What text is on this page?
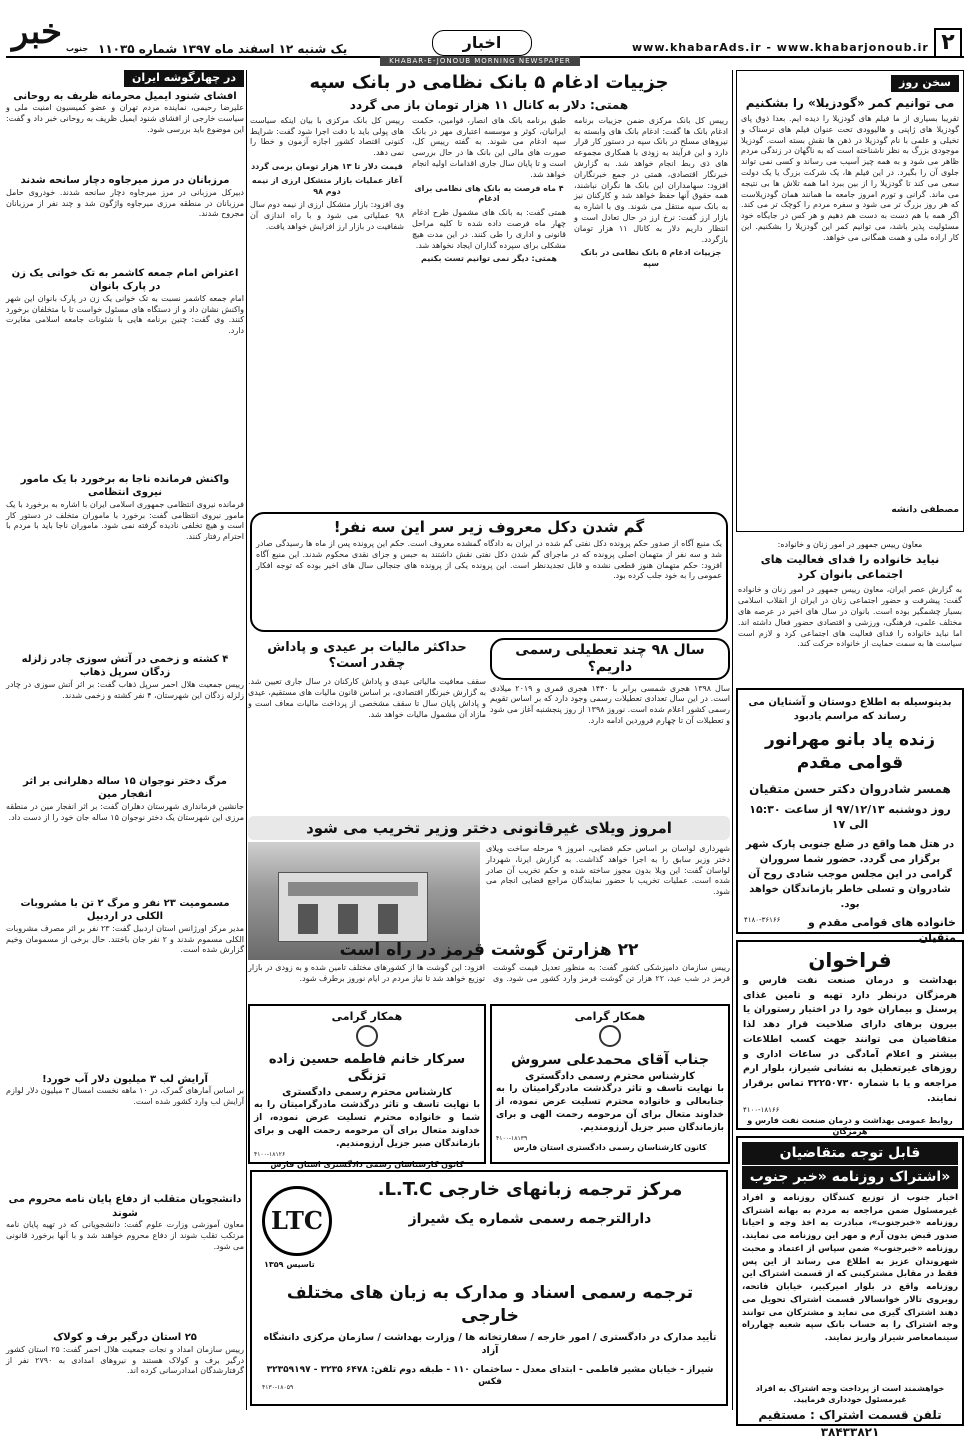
خبر جنوب یک شنبه ۱۲ اسفند ماه ۱۳۹۷ شماره ۱۱۰۳۵	اخبار	www.khabarAds.ir - www.khabarjonoub.ir ۲
KHABAR-E-JONOUB MORNING NEWSPAPER
سخن روز
می توانیم کمر «گودزیلا» را بشکنیم
تقریبا بسیاری از ما فیلم های گودزیلا را دیده ایم. بعدا ذوق پای گودزیلا های ژاپنی و هالیوودی تحت عنوان فیلم های ترسناک و تخیلی و علمی با نام گودزیلا در ذهن ها نقش بسته است. گودزیلا موجودی بزرگ به نظر ناشناخته است که به ناگهان در زندگی مردم ظاهر می شود و به همه چیز آسیب می رساند و کسی نمی تواند جلوی آن را بگیرد. در این فیلم ها، یک شرکت بزرگ یا یک دولت سعی می کند تا گودزیلا را از بین ببرد اما همه تلاش ها بی نتیجه می ماند. گرانی و تورم امروز جامعه ما همانند همان گودزیلاست که هر روز بزرگ تر می شود و سفره مردم را کوچک تر می کند. اگر همه با هم دست به دست هم دهیم و هر کس در جایگاه خود مسئولیت پذیر باشد، می توانیم کمر این گودزیلا را بشکنیم. این کار اراده ملی و همت همگانی می خواهد.
مصطفی دانشه
معاون رییس جمهور در امور زنان و خانواده:
نیاید خانواده را فدای فعالیت های اجتماعی بانوان کرد
به گزارش عصر ایران، معاون رییس جمهور در امور زنان و خانواده گفت: پیشرفت و حضور اجتماعی زنان در ایران از انقلاب اسلامی بسیار چشمگیر بوده است. بانوان در سال های اخیر در عرصه های مختلف علمی، فرهنگی، ورزشی و اقتصادی حضور فعال داشته اند. اما نباید خانواده را فدای فعالیت های اجتماعی کرد و لازم است سیاست ها به سمت حمایت از خانواده حرکت کند.
بدینوسیله به اطلاع دوستان و آشنایان می رساند که مراسم یادبود
زنده یاد بانو مهرانور قوامی مقدم
همسر شادروان دکتر حسن متقیان
روز دوشنبه ۹۷/۱۲/۱۳ از ساعت ۱۵:۳۰ الی ۱۷
در هتل هما واقع در ضلع جنوبی پارک شهر برگزار می گردد. حضور شما سروران گرامی در این مجلس موجب شادی روح آن شادروان و تسلی خاطر بازماندگان خواهد بود.
خانواده های قوامی مقدم و متقیان
۴۱۸۰-۳۶۱۶۶
فراخوان
بهداشت و درمان صنعت نفت فارس و هرمزگان درنظر دارد تهیه و تامین غذای پرسنل و بیماران خود را در اختیار رستوران یا بیرون برهای دارای صلاحیت قرار دهد لذا متقاضیان می توانند جهت کسب اطلاعات بیشتر و اعلام آمادگی در ساعات اداری و روزهای غیرتعطیل به نشانی شیراز، بلوار ارم مراجعه و یا با شماره ۳۲۲۵۰۷۳۰ تماس برقرار نمایند.
۴۱۰۰-۱۸۱۶۶
روابط عمومی بهداشت و درمان صنعت نفت فارس و هرمزگان
قابل توجه متقاضیان
اشتراک روزنامه «خبر جنوب»
اخبار جنوب از توزیع کنندگان روزنامه و افراد غیرمسئول ضمن مراجعه به مردم به بهانه اشتراک روزنامه «خبرجنوب»، مبادرت به اخذ وجه و احیانا صدور قبض بدون آرم و مهر این روزنامه می نمایند. روزنامه «خبرجنوب» ضمن سپاس از اعتماد و محبت شهروندان عزیز به اطلاع می رساند از این پس فقط در مقابل مشترکینی که از قسمت اشتراک این روزنامه واقع در بلوار امیرکبیر، خیابان فاتحه، روبروی تالار خوانسالار قسمت اشتراک تحویل می دهند اشتراک گیری می نماید و مشترکان می توانند وجه اشتراک را به حساب بانک سپه شعبه چهارراه سینمامعاصر شیراز واریز نمایند.
خواهشمند است از پرداخت وجه اشتراک به افراد غیرمسئول خودداری فرمایید.
تلفن قسمت اشتراک : مستقیم ۳۸۴۳۳۸۲۱
جزییات ادغام ۵ بانک نظامی در بانک سپه
همتی: دلار به کانال ۱۱ هزار تومان باز می گردد

رییس کل بانک مرکزی ضمن جزییات برنامه ادغام بانک ها گفت: ادغام بانک های وابسته به نیروهای مسلح در بانک سپه در دستور کار قرار دارد و این فرآیند به زودی با همکاری مجموعه های ذی ربط انجام خواهد شد. به گزارش خبرنگار اقتصادی، همتی در جمع خبرنگاران افزود: سهامداران این بانک ها نگران نباشند، همه حقوق آنها حفظ خواهد شد و کارکنان نیز به بانک سپه منتقل می شوند. وی با اشاره به بازار ارز گفت: نرخ ارز در حال تعادل است و انتظار داریم دلار به کانال ۱۱ هزار تومان بازگردد.

جزییات ادغام ۵ بانک نظامی در بانک سپه

طبق برنامه بانک های انصار، قوامین، حکمت ایرانیان، کوثر و موسسه اعتباری مهر در بانک سپه ادغام می شوند. به گفته رییس کل، صورت های مالی این بانک ها در حال بررسی است و تا پایان سال جاری اقدامات اولیه انجام خواهد شد.

۴ ماه فرصت به بانک های نظامی برای ادغام

همتی گفت: به بانک های مشمول طرح ادغام چهار ماه فرصت داده شده تا کلیه مراحل قانونی و اداری را طی کنند. در این مدت هیچ مشکلی برای سپرده گذاران ایجاد نخواهد شد.

همتی: دیگر نمی توانیم تست بکنیم

رییس کل بانک مرکزی با بیان اینکه سیاست های پولی باید با دقت اجرا شود گفت: شرایط کنونی اقتصاد کشور اجازه آزمون و خطا را نمی دهد.

قیمت دلار تا ۱۳ هزار تومان برمی گردد

آغاز عملیات بازار متشکل ارزی از نیمه دوم ۹۸

وی افزود: بازار متشکل ارزی از نیمه دوم سال ۹۸ عملیاتی می شود و با راه اندازی آن شفافیت در بازار ارز افزایش خواهد یافت.

گم شدن دکل معروف زیر سر این سه نفر!
یک منبع آگاه از صدور حکم پرونده دکل نفتی گم شده در ایران به دادگاه گمشده معروف است. حکم این پرونده پس از ماه ها رسیدگی صادر شد و سه نفر از متهمان اصلی پرونده که در ماجرای گم شدن دکل نفتی نقش داشتند به حبس و جزای نقدی محکوم شدند. این منبع آگاه افزود: حکم متهمان هنوز قطعی نشده و قابل تجدیدنظر است. این پرونده یکی از پرونده های جنجالی سال های اخیر بوده که توجه افکار عمومی را به خود جلب کرده بود.
سال ۹۸ چند تعطیلی رسمی داریم؟
سال ۱۳۹۸ هجری شمسی برابر با ۱۴۴۰ هجری قمری و ۲۰۱۹ میلادی است. در این سال تعدادی تعطیلات رسمی وجود دارد که بر اساس تقویم رسمی کشور اعلام شده است. نوروز ۱۳۹۸ از روز پنجشنبه آغاز می شود و تعطیلات آن تا چهارم فروردین ادامه دارد.
حداکثر مالیات بر عیدی و پاداش چقدر است؟
سقف معافیت مالیاتی عیدی و پاداش کارکنان در سال جاری تعیین شد. به گزارش خبرنگار اقتصادی، بر اساس قانون مالیات های مستقیم، عیدی و پاداش پایان سال تا سقف مشخصی از پرداخت مالیات معاف است و مازاد آن مشمول مالیات خواهد شد.
امروز ویلای غیرقانونی دختر وزیر تخریب می شود
شهرداری لواسان بر اساس حکم قضایی، امروز ۹ مرحله ساخت ویلای دختر وزیر سابق را به اجرا خواهد گذاشت. به گزارش ایرنا، شهردار لواسان گفت: این ویلا بدون مجوز ساخته شده و حکم تخریب آن صادر شده است. عملیات تخریب با حضور نمایندگان مراجع قضایی انجام می شود.
۲۲ هزارتن گوشت قرمز در راه است
رییس سازمان دامپزشکی کشور گفت: به منظور تعدیل قیمت گوشت قرمز در شب عید، ۲۲ هزار تن گوشت قرمز وارد کشور می شود. وی افزود: این گوشت ها از کشورهای مختلف تامین شده و به زودی در بازار توزیع خواهد شد تا نیاز مردم در ایام نوروز برطرف شود.
همکار گرامی
جناب آقای محمدعلی سروش
کارشناس محترم رسمی دادگستری
با نهایت تاسف و تاثر درگذشت مادرگرامیتان را به جنابعالی و خانواده محترم تسلیت عرض نموده، از خداوند متعال برای آن مرحومه رحمت الهی و برای بازماندگان صبر جزیل آرزومندیم.
۴۱۰۰-۱۸۱۳۹
کانون کارشناسان رسمی دادگستری استان فارس
همکار گرامی
سرکار خانم فاطمه حسین زاده تزنگی
کارشناس محترم رسمی دادگستری
با نهایت تاسف و تاثر درگذشت مادرگرامیتان را به شما و خانواده محترم تسلیت عرض نموده، از خداوند متعال برای آن مرحومه رحمت الهی و برای بازماندگان صبر جزیل آرزومندیم.
۴۱۰۰-۱۸۱۲۶
کانون کارشناسان رسمی دادگستری استان فارس
LTC
تاسیس ۱۳۵۹
مرکز ترجمه زبانهای خارجی L.T.C.
دارالترجمه رسمی شماره یک شیراز
ترجمه رسمی اسناد و مدارک به زبان های مختلف خارجی
تأیید مدارک در دادگستری / امور خارجه / سفارتخانه ها / وزارت بهداشت / سازمان مرکزی دانشگاه آزاد
شیراز - خیابان مشیر فاطمی - ابتدای معدل - ساختمان ۱۱۰ - طبقه دوم تلفن: ۶۴۷۸ ۳۲۳۵ - ۳۲۳۵۹۱۹۷ فکس
۴۱۳۰-۱۸۰۵۹
در چهارگوشه ایران
افشای شنود ایمیل محرمانه ظریف به روحانی
علیرضا رحیمی، نماینده مردم تهران و عضو کمیسیون امنیت ملی و سیاست خارجی از افشای شنود ایمیل ظریف به روحانی خبر داد و گفت: این موضوع باید بررسی شود.
مرزبانان در مرز میرجاوه دچار سانحه شدند
دبیرکل مرزبانی در مرز میرجاوه دچار سانحه شدند. خودروی حامل مرزبانان در منطقه مرزی میرجاوه واژگون شد و چند نفر از مرزبانان مجروح شدند.
اعتراض امام جمعه کاشمر به تک خوانی یک زن در پارک بانوان
امام جمعه کاشمر نسبت به تک خوانی یک زن در پارک بانوان این شهر واکنش نشان داد و از دستگاه های مسئول خواست تا با متخلفان برخورد کنند. وی گفت: چنین برنامه هایی با شئونات جامعه اسلامی مغایرت دارد.
واکنش فرمانده ناجا به برخورد با یک مامور نیروی انتظامی
فرمانده نیروی انتظامی جمهوری اسلامی ایران با اشاره به برخورد با یک مامور نیروی انتظامی گفت: برخورد با ماموران متخلف در دستور کار است و هیچ تخلفی نادیده گرفته نمی شود. ماموران ناجا باید با مردم با احترام رفتار کنند.
۴ کشته و زخمی در آتش سوزی چادر زلزله زدگان سرپل ذهاب
رییس جمعیت هلال احمر سرپل ذهاب گفت: بر اثر آتش سوزی در چادر زلزله زدگان این شهرستان، ۴ نفر کشته و زخمی شدند.
مرگ دختر نوجوان ۱۵ ساله دهلرانی بر اثر انفجار مین
جانشین فرمانداری شهرستان دهلران گفت: بر اثر انفجار مین در منطقه مرزی این شهرستان یک دختر نوجوان ۱۵ ساله جان خود را از دست داد.
مسمومیت ۲۳ نفر و مرگ ۲ تن با مشروبات الکلی در اردبیل
مدیر مرکز اورژانس استان اردبیل گفت: ۲۳ نفر بر اثر مصرف مشروبات الکلی مسموم شدند و ۲ نفر جان باختند. حال برخی از مسمومان وخیم گزارش شده است.
آرایش لب ۳ میلیون دلار آب خورد!
بر اساس آمارهای گمرک، در ۱۰ ماهه نخست امسال ۳ میلیون دلار لوازم آرایش لب وارد کشور شده است.
دانشجویان متقلب از دفاع پایان نامه محروم می شوند
معاون آموزشی وزارت علوم گفت: دانشجویانی که در تهیه پایان نامه مرتکب تقلب شوند از دفاع محروم خواهند شد و با آنها برخورد قانونی می شود.
۲۵ استان درگیر برف و کولاک
رییس سازمان امداد و نجات جمعیت هلال احمر گفت: ۲۵ استان کشور درگیر برف و کولاک هستند و نیروهای امدادی به ۲۷۹۰ نفر از گرفتارشدگان امدادرسانی کرده اند.
